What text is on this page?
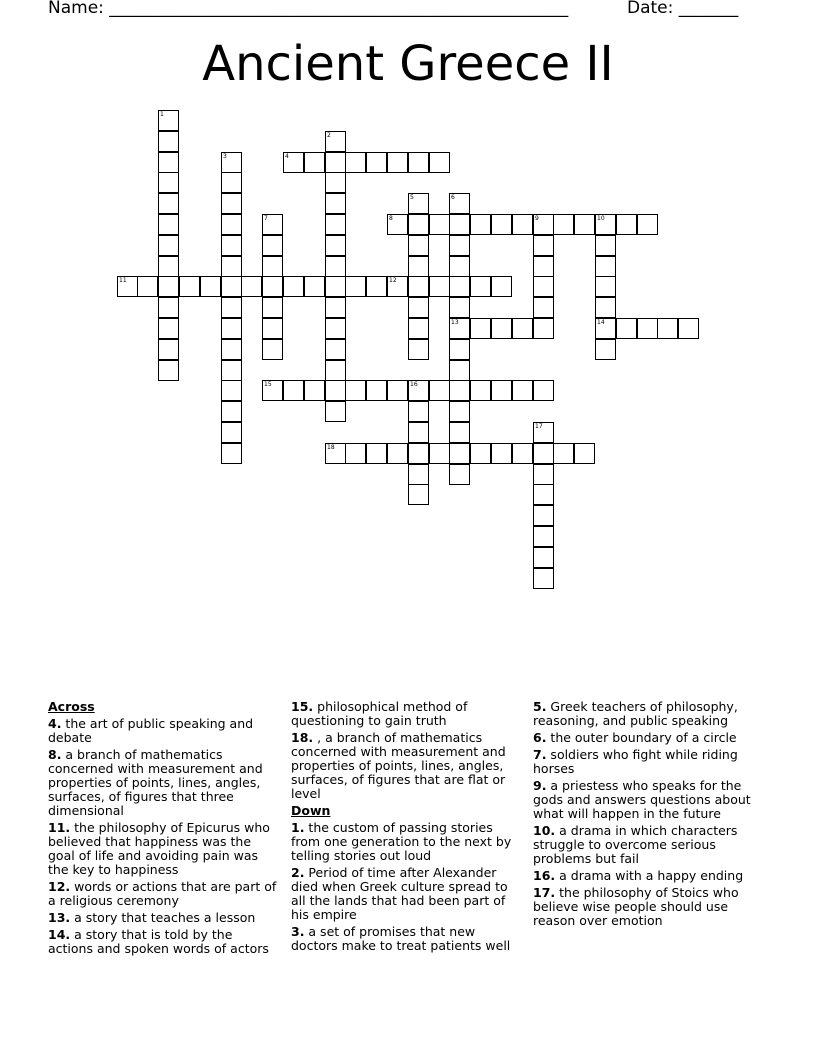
Name: ______________________________________________________	Date: _______
Ancient Greece II
1
2
3	4
5	6
13
7	8	9	10
14
11	12
15	16
17
18
Across
4. the art of public speaking and debate
8. a branch of mathematics concerned with measurement and properties of points, lines, angles, surfaces, of figures that three dimensional
11. the philosophy of Epicurus who believed that happiness was the goal of life and avoiding pain was the key to happiness
12. words or actions that are part of a religious ceremony
13. a story that teaches a lesson
14. a story that is told by the actions and spoken words of actors
15. philosophical method of questioning to gain truth
18. , a branch of mathematics concerned with measurement and properties of points, lines, angles, surfaces, of figures that are flat or level
Down
1. the custom of passing stories from one generation to the next by telling stories out loud
2. Period of time after Alexander died when Greek culture spread to all the lands that had been part of his empire
3. a set of promises that new doctors make to treat patients well
5. Greek teachers of philosophy, reasoning, and public speaking
6. the outer boundary of a circle
7. soldiers who fight while riding horses
9. a priestess who speaks for the gods and answers questions about what will happen in the future
10. a drama in which characters struggle to overcome serious problems but fail
16. a drama with a happy ending
17. the philosophy of Stoics who believe wise people should use reason over emotion
